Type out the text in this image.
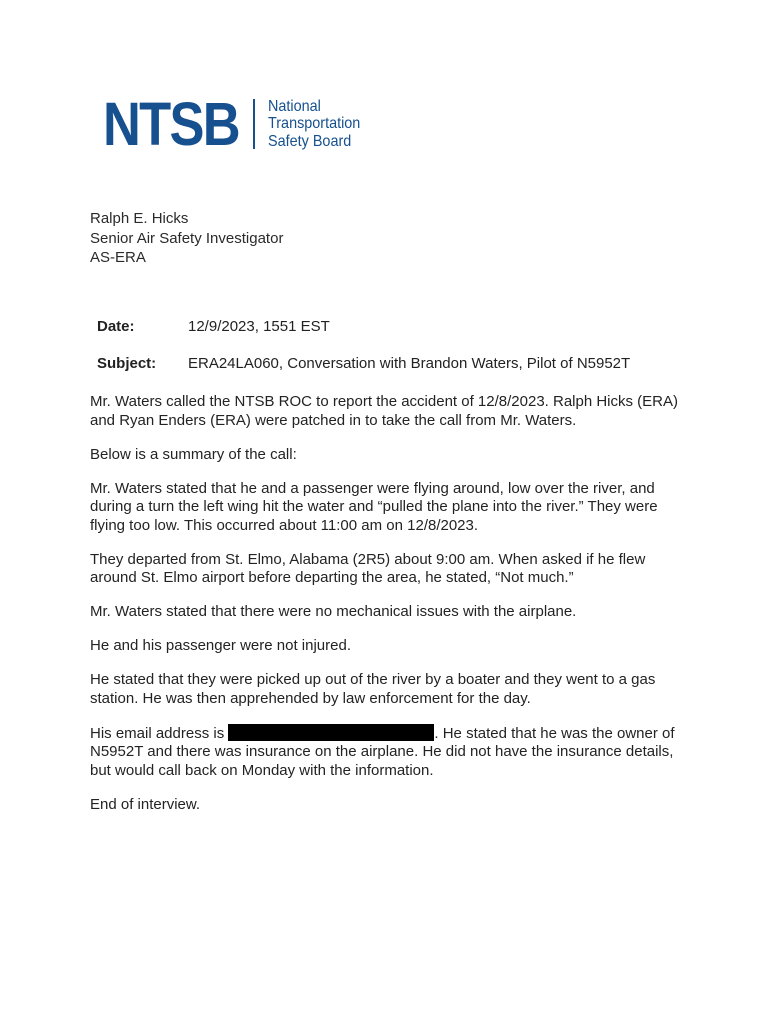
NTSB National
Transportation
Safety Board
Ralph E. Hicks
Senior Air Safety Investigator
AS-ERA
Date:	12/9/2023, 1551 EST
Subject: ERA24LA060, Conversation with Brandon Waters, Pilot of N5952T

Mr. Waters called the NTSB ROC to report the accident of 12/8/2023. Ralph Hicks (ERA) and Ryan Enders (ERA) were patched in to take the call from Mr. Waters.

Below is a summary of the call:

Mr. Waters stated that he and a passenger were flying around, low over the river, and during a turn the left wing hit the water and “pulled the plane into the river.” They were flying too low. This occurred about 11:00 am on 12/8/2023.

They departed from St. Elmo, Alabama (2R5) about 9:00 am. When asked if he flew around St. Elmo airport before departing the area, he stated, “Not much.”

Mr. Waters stated that there were no mechanical issues with the airplane.

He and his passenger were not injured.

He stated that they were picked up out of the river by a boater and they went to a gas station. He was then apprehended by law enforcement for the day.

His email address is	. He stated that he was the owner of N5952T and there was insurance on the airplane. He did not have the insurance details, but would call back on Monday with the information.

End of interview.
